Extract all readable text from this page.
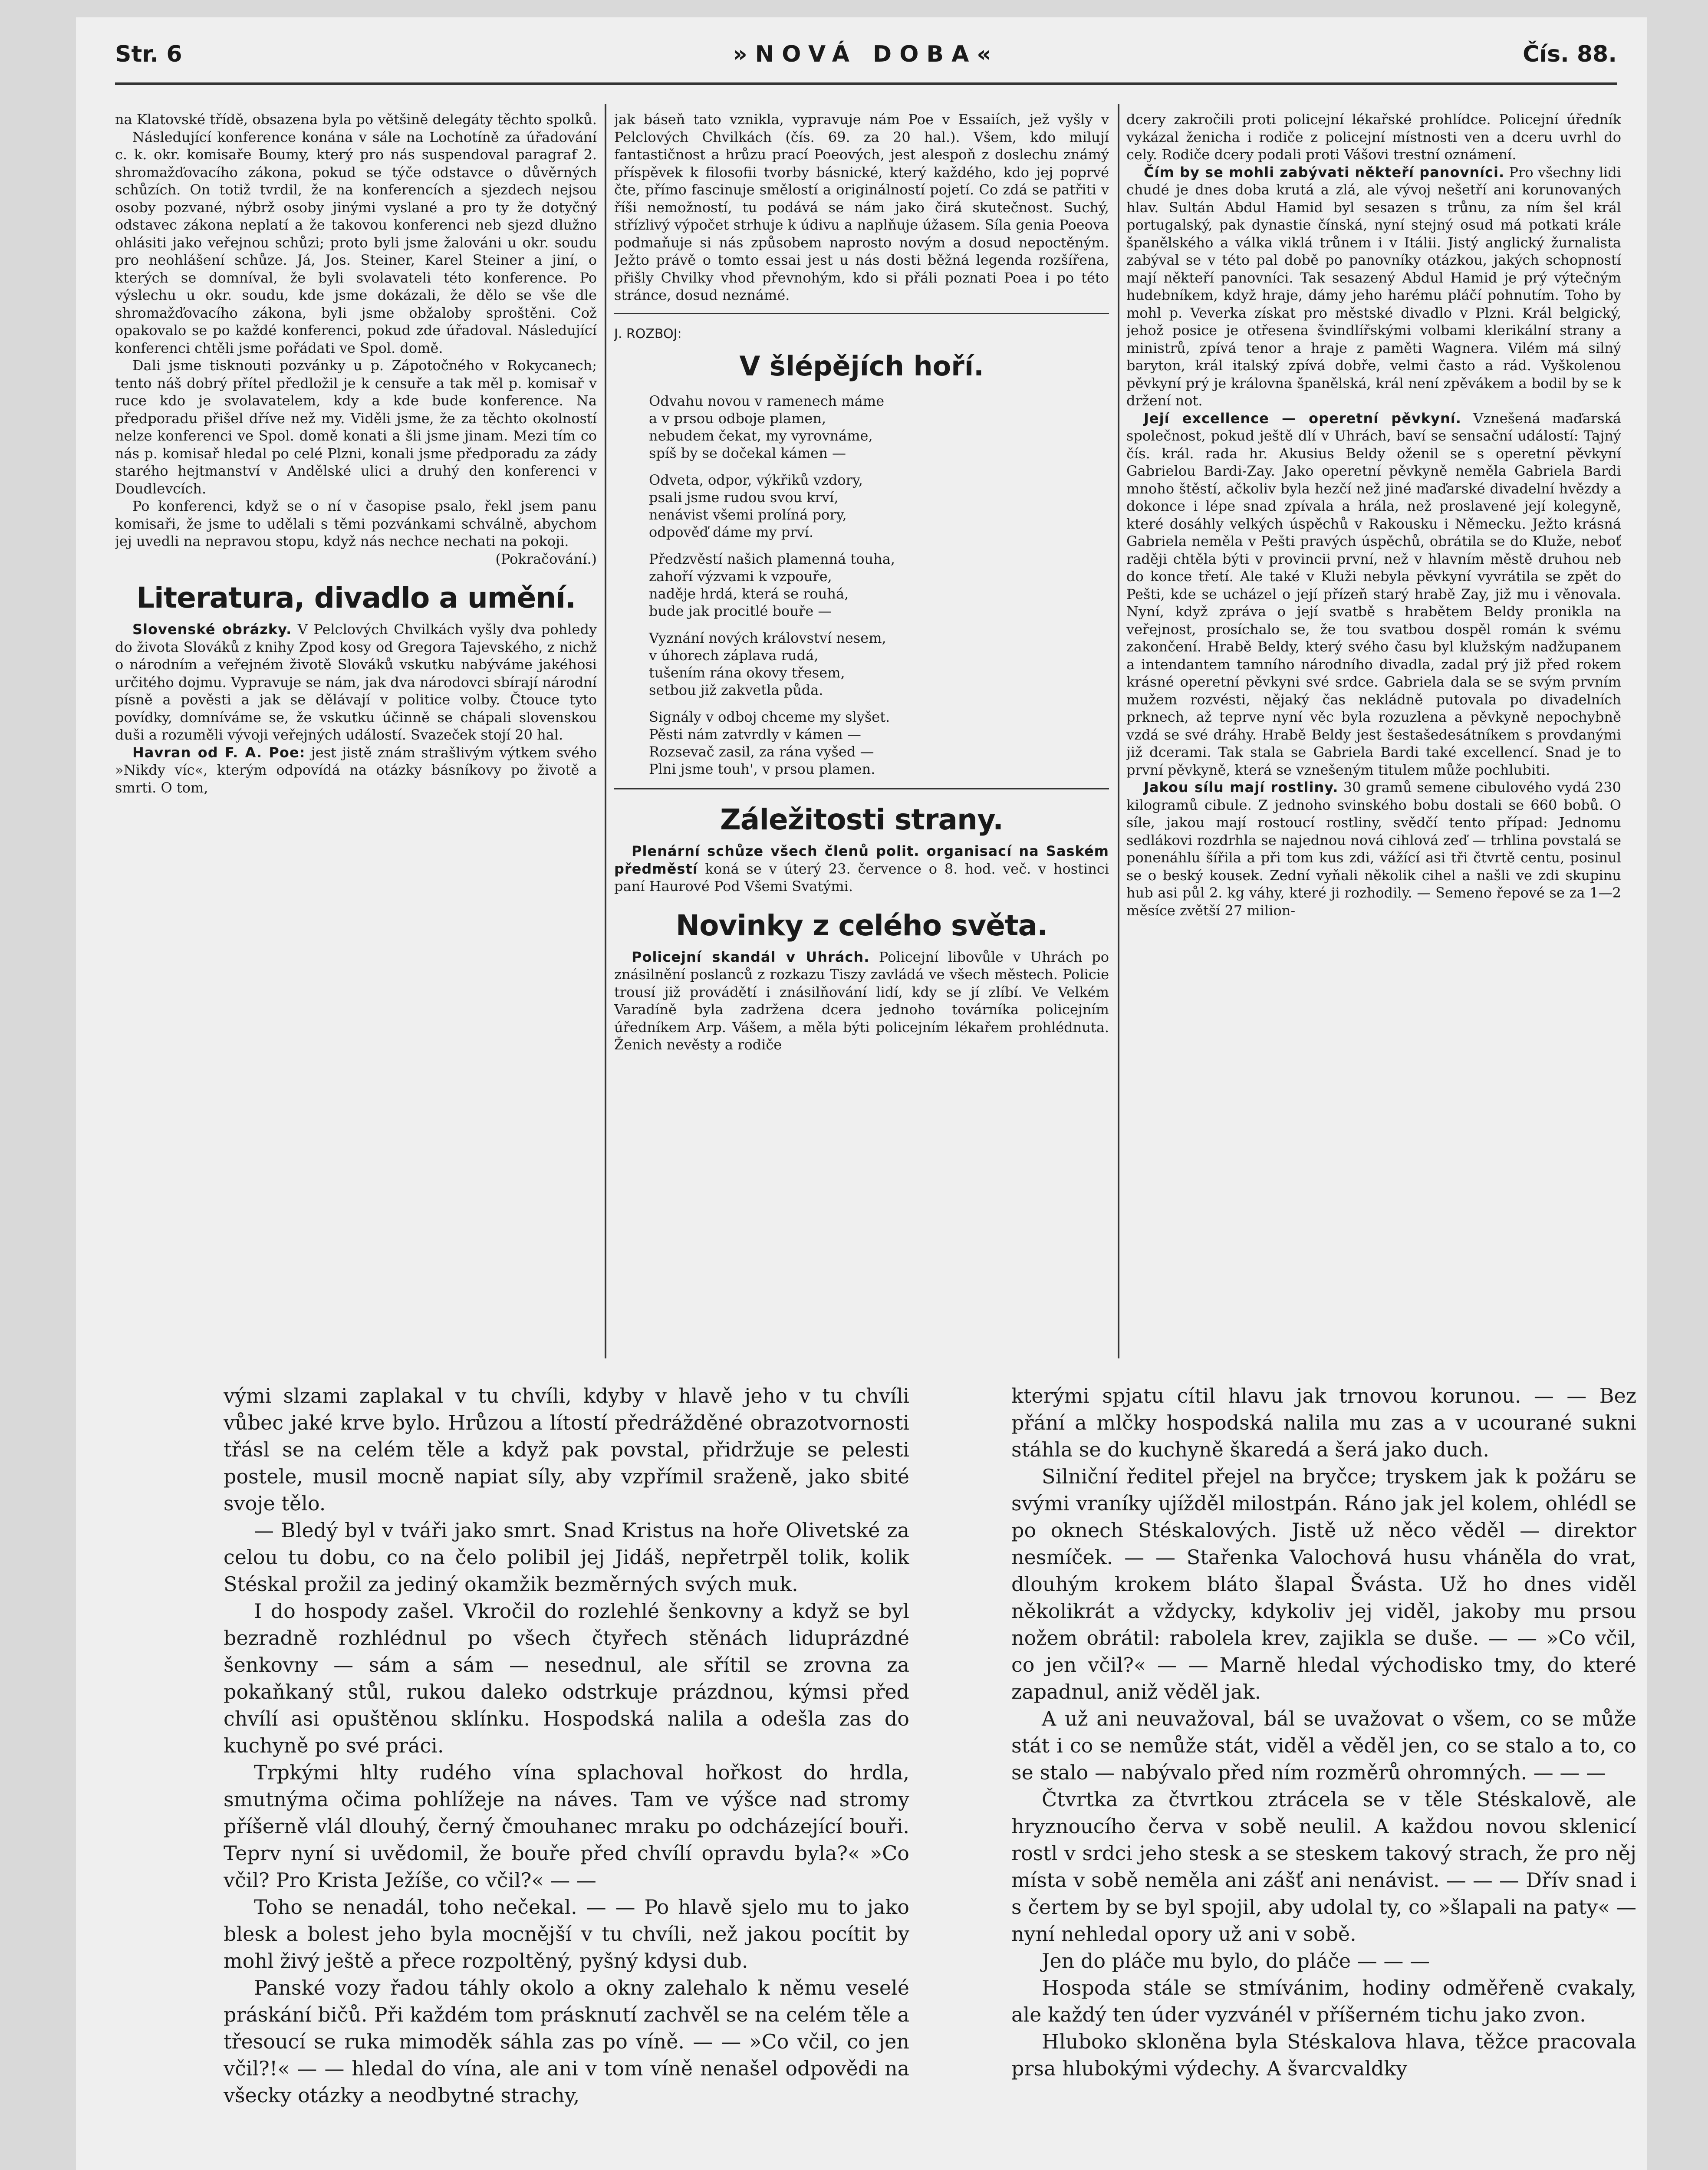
Str. 6	»NOVÁ DOBA«	Čís. 88.

na Klatovské třídě, obsazena byla po většině delegáty těchto spolků.

Následující konference konána v sále na Lochotíně za úřadování c. k. okr. komisaře Boumy, který pro nás suspendoval paragraf 2. shromažďovacího zákona, pokud se týče odstavce o důvěrných schůzích. On totiž tvrdil, že na konferencích a sjezdech nejsou osoby pozvané, nýbrž osoby jinými vyslané a pro ty že dotyčný odstavec zákona neplatí a že takovou konferenci neb sjezd dlužno ohlásiti jako veřejnou schůzi; proto byli jsme žalováni u okr. soudu pro neohlášení schůze. Já, Jos. Steiner, Karel Steiner a jiní, o kterých se domníval, že byli svolavateli této konference. Po výslechu u okr. soudu, kde jsme dokázali, že dělo se vše dle shromažďovacího zákona, byli jsme obžaloby sproštěni. Což opakovalo se po každé konferenci, pokud zde úřadoval. Následující konferenci chtěli jsme pořádati ve Spol. domě.

Dali jsme tisknouti pozvánky u p. Zápotočného v Rokycanech; tento náš dobrý přítel předložil je k censuře a tak měl p. komisař v ruce kdo je svolavatelem, kdy a kde bude konference. Na předporadu přišel dříve než my. Viděli jsme, že za těchto okolností nelze konferenci ve Spol. domě konati a šli jsme jinam. Mezi tím co nás p. komisař hledal po celé Plzni, konali jsme předporadu za zády starého hejtmanství v Andělské ulici a druhý den konferenci v Doudlevcích.

Po konferenci, když se o ní v časopise psalo, řekl jsem panu komisaři, že jsme to udělali s těmi pozvánkami schválně, abychom jej uvedli na nepravou stopu, když nás nechce nechati na pokoji.

(Pokračování.)
Literatura, divadlo a umění.

Slovenské obrázky. V Pelclových Chvilkách vyšly dva pohledy do života Slováků z knihy Zpod kosy od Gregora Tajevského, z nichž o národním a veřejném životě Slováků vskutku nabýváme jakéhosi určitého dojmu. Vypravuje se nám, jak dva národovci sbírají národní písně a pověsti a jak se dělávají v politice volby. Čtouce tyto povídky, domníváme se, že vskutku účinně se chápali slovenskou duši a rozuměli vývoji veřejných událostí. Svazeček stojí 20 hal.

Havran od F. A. Poe: jest jistě znám strašlivým výtkem svého »Nikdy víc«, kterým odpovídá na otázky básníkovy po životě a smrti. O tom,

jak báseň tato vznikla, vypravuje nám Poe v Essaiích, jež vyšly v Pelclových Chvilkách (čís. 69. za 20 hal.). Všem, kdo milují fantastičnost a hrůzu prací Poeových, jest alespoň z doslechu známý příspěvek k filosofii tvorby básnické, který každého, kdo jej poprvé čte, přímo fascinuje smělostí a originálností pojetí. Co zdá se patřiti v říši nemožností, tu podává se nám jako čirá skutečnost. Suchý, střízlivý výpočet strhuje k údivu a naplňuje úžasem. Síla genia Poeova podmaňuje si nás způsobem naprosto novým a dosud nepoctěným. Ježto právě o tomto essai jest u nás dosti běžná legenda rozšířena, přišly Chvilky vhod převnohým, kdo si přáli poznati Poea i po této stránce, dosud neznámé.

J. ROZBOJ:
V šlépějích hoří.
Odvahu novou v ramenech máme
a v prsou odboje plamen,
nebudem čekat, my vyrovnáme,
spíš by se dočekal kámen —
Odveta, odpor, výkřiků vzdory,
psali jsme rudou svou krví,
nenávist všemi prolíná pory,
odpověď dáme my prví.
Předzvěstí našich plamenná touha,
zahoří výzvami k vzpouře,
naděje hrdá, která se rouhá,
bude jak procitlé bouře —
Vyznání nových království nesem,
v úhorech záplava rudá,
tušením rána okovy třesem,
setbou již zakvetla půda.
Signály v odboj chceme my slyšet.
Pěsti nám zatvrdly v kámen —
Rozsevač zasil, za rána vyšed —
Plni jsme touh', v prsou plamen.
Záležitosti strany.

Plenární schůze všech členů polit. organisací na Saském předměstí koná se v úterý 23. července o 8. hod. več. v hostinci paní Haurové Pod Všemi Svatými.

Novinky z celého světa.

Policejní skandál v Uhrách. Policejní libovůle v Uhrách po znásilnění poslanců z rozkazu Tiszy zavládá ve všech městech. Policie trousí již provádětí i znásilňování lidí, kdy se jí zlíbí. Ve Velkém Varadíně byla zadržena dcera jednoho továrníka policejním úředníkem Arp. Vášem, a měla býti policejním lékařem prohlédnuta. Ženich nevěsty a rodiče

dcery zakročili proti policejní lékařské prohlídce. Policejní úředník vykázal ženicha i rodiče z policejní místnosti ven a dceru uvrhl do cely. Rodiče dcery podali proti Vášovi trestní oznámení.

Čím by se mohli zabývati někteří panovníci. Pro všechny lidi chudé je dnes doba krutá a zlá, ale vývoj nešetří ani korunovaných hlav. Sultán Abdul Hamid byl sesazen s trůnu, za ním šel král portugalský, pak dynastie čínská, nyní stejný osud má potkati krále španělského a válka viklá trůnem i v Itálii. Jistý anglický žurnalista zabýval se v této pal době po panovníky otázkou, jakých schopností mají někteří panovníci. Tak sesazený Abdul Hamid je prý výtečným hudebníkem, když hraje, dámy jeho harému pláčí pohnutím. Toho by mohl p. Veverka získat pro městské divadlo v Plzni. Král belgický, jehož posice je otřesena švindlířskými volbami klerikální strany a ministrů, zpívá tenor a hraje z paměti Wagnera. Vilém má silný baryton, král italský zpívá dobře, velmi často a rád. Vyškolenou pěvkyní prý je královna španělská, král není zpěvákem a bodil by se k držení not.

Její excellence — operetní pěvkyní. Vznešená maďarská společnost, pokud ještě dlí v Uhrách, baví se sensační událostí: Tajný čís. král. rada hr. Akusius Beldy oženil se s operetní pěvkyní Gabrielou Bardi-Zay. Jako operetní pěvkyně neměla Gabriela Bardi mnoho štěstí, ačkoliv byla hezčí než jiné maďarské divadelní hvězdy a dokonce i lépe snad zpívala a hrála, než proslavené její kolegyně, které dosáhly velkých úspěchů v Rakousku i Německu. Ježto krásná Gabriela neměla v Pešti pravých úspěchů, obrátila se do Kluže, neboť raději chtěla býti v provincii první, než v hlavním městě druhou neb do konce třetí. Ale také v Kluži nebyla pěvkyní vyvrátila se zpět do Pešti, kde se ucházel o její přízeň starý hrabě Zay, již mu i věnovala. Nyní, když zpráva o její svatbě s hrabětem Beldy pronikla na veřejnost, prosíchalo se, že tou svatbou dospěl román k svému zakončení. Hrabě Beldy, který svého času byl klužským nadžupanem a intendantem tamního národního divadla, zadal prý již před rokem krásné operetní pěvkyni své srdce. Gabriela dala se se svým prvním mužem rozvésti, nějaký čas nekládně putovala po divadelních prknech, až teprve nyní věc byla rozuzlena a pěvkyně nepochybně vzdá se své dráhy. Hrabě Beldy jest šestašedesátníkem s provdanými již dcerami. Tak stala se Gabriela Bardi také excellencí. Snad je to první pěvkyně, která se vznešeným titulem může pochlubiti.

Jakou sílu mají rostliny. 30 gramů semene cibulového vydá 230 kilogramů cibule. Z jednoho svinského bobu dostali se 660 bobů. O síle, jakou mají rostoucí rostliny, svědčí tento případ: Jednomu sedlákovi rozdrhla se najednou nová cihlová zeď — trhlina povstalá se ponenáhlu šířila a při tom kus zdi, vážící asi tři čtvrtě centu, posinul se o beský kousek. Zední vyňali několik cihel a našli ve zdi skupinu hub asi půl 2. kg váhy, které ji rozhodily. — Semeno řepové se za 1—2 měsíce zvětší 27 milion-

vými slzami zaplakal v tu chvíli, kdyby v hlavě jeho v tu chvíli vůbec jaké krve bylo. Hrůzou a lítostí předrážděné obrazotvornosti třásl se na celém těle a když pak povstal, přidržuje se pelesti postele, musil mocně napiat síly, aby vzpřímil sraženě, jako sbité svoje tělo.

— Bledý byl v tváři jako smrt. Snad Kristus na hoře Olivetské za celou tu dobu, co na čelo polibil jej Jidáš, nepřetrpěl tolik, kolik Stéskal prožil za jediný okamžik bezměrných svých muk.

I do hospody zašel. Vkročil do rozlehlé šenkovny a když se byl bezradně rozhlédnul po všech čtyřech stěnách liduprázdné šenkovny — sám a sám — nesednul, ale sřítil se zrovna za pokaňkaný stůl, rukou daleko odstrkuje prázdnou, kýmsi před chvílí asi opuštěnou sklínku. Hospodská nalila a odešla zas do kuchyně po své práci.

Trpkými hlty rudého vína splachoval hořkost do hrdla, smutnýma očima pohlížeje na náves. Tam ve výšce nad stromy příšerně vlál dlouhý, černý čmouhanec mraku po odcházející bouři. Teprv nyní si uvědomil, že bouře před chvílí opravdu byla?« »Co včil? Pro Krista Ježíše, co včil?« — —

Toho se nenadál, toho nečekal. — — Po hlavě sjelo mu to jako blesk a bolest jeho byla mocnější v tu chvíli, než jakou pocítit by mohl živý ještě a přece rozpoltěný, pyšný kdysi dub.

Panské vozy řadou táhly okolo a okny zalehalo k němu veselé práskání bičů. Při každém tom prásknutí zachvěl se na celém těle a třesoucí se ruka mimoděk sáhla zas po víně. — — »Co včil, co jen včil?!« — — hledal do vína, ale ani v tom víně nenašel odpovědi na všecky otázky a neodbytné strachy,

kterými spjatu cítil hlavu jak trnovou korunou. — — Bez přání a mlčky hospodská nalila mu zas a v ucourané sukni stáhla se do kuchyně škaredá a šerá jako duch.

Silniční ředitel přejel na bryčce; tryskem jak k požáru se svými vraníky ujížděl milostpán. Ráno jak jel kolem, ohlédl se po oknech Stéskalových. Jistě už něco věděl — direktor nesmíček. — — Stařenka Valochová husu vháněla do vrat, dlouhým krokem bláto šlapal Švásta. Už ho dnes viděl několikrát a vždycky, kdykoliv jej viděl, jakoby mu prsou nožem obrátil: rabolela krev, zajikla se duše. — — »Co včil, co jen včil?« — — Marně hledal východisko tmy, do které zapadnul, aniž věděl jak.

A už ani neuvažoval, bál se uvažovat o všem, co se může stát i co se nemůže stát, viděl a věděl jen, co se stalo a to, co se stalo — nabývalo před ním rozměrů ohromných. — — —

Čtvrtka za čtvrtkou ztrácela se v těle Stéskalově, ale hryznoucího červa v sobě neulil. A každou novou sklenicí rostl v srdci jeho stesk a se steskem takový strach, že pro něj místa v sobě neměla ani zášť ani nenávist. — — — Dřív snad i s čertem by se byl spojil, aby udolal ty, co »šlapali na paty« — nyní nehledal opory už ani v sobě.

Jen do pláče mu bylo, do pláče — — —

Hospoda stále se stmívánim, hodiny odměřeně cvakaly, ale každý ten úder vyzvánél v příšerném tichu jako zvon.

Hluboko skloněna byla Stéskalova hlava, těžce pracovala prsa hlubokými výdechy. A švarcvaldky
